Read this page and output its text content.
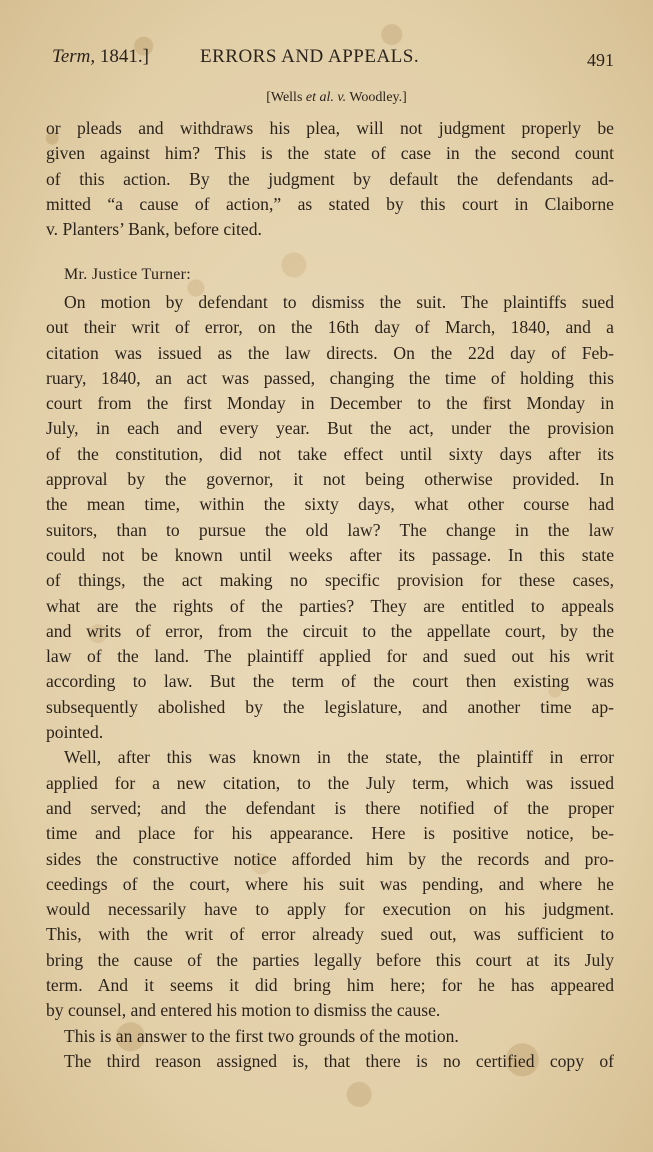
Term, 1841.]	ERRORS AND APPEALS.	491
[Wells et al. v. Woodley.]
or pleads and withdraws his plea, will not judgment properly be
given against him? This is the state of case in the second count
of this action. By the judgment by default the defendants ad-
mitted “a cause of action,” as stated by this court in Claiborne
v. Planters’ Bank, before cited.
Mr. Justice Turner:
On motion by defendant to dismiss the suit. The plaintiffs sued
out their writ of error, on the 16th day of March, 1840, and a
citation was issued as the law directs. On the 22d day of Feb-
ruary, 1840, an act was passed, changing the time of holding this
court from the first Monday in December to the first Monday in
July, in each and every year. But the act, under the provision
of the constitution, did not take effect until sixty days after its
approval by the governor, it not being otherwise provided. In
the mean time, within the sixty days, what other course had
suitors, than to pursue the old law? The change in the law
could not be known until weeks after its passage. In this state
of things, the act making no specific provision for these cases,
what are the rights of the parties? They are entitled to appeals
and writs of error, from the circuit to the appellate court, by the
law of the land. The plaintiff applied for and sued out his writ
according to law. But the term of the court then existing was
subsequently abolished by the legislature, and another time ap-
pointed.
Well, after this was known in the state, the plaintiff in error
applied for a new citation, to the July term, which was issued
and served; and the defendant is there notified of the proper
time and place for his appearance. Here is positive notice, be-
sides the constructive notice afforded him by the records and pro-
ceedings of the court, where his suit was pending, and where he
would necessarily have to apply for execution on his judgment.
This, with the writ of error already sued out, was sufficient to
bring the cause of the parties legally before this court at its July
term. And it seems it did bring him here; for he has appeared
by counsel, and entered his motion to dismiss the cause.
This is an answer to the first two grounds of the motion.
The third reason assigned is, that there is no certified copy of
